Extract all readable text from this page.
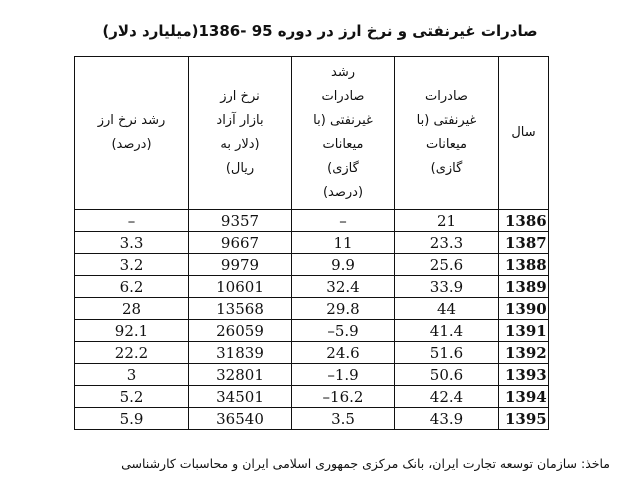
صادرات غیرنفتی و نرخ ارز در دوره 95 -1386(میلیارد دلار)
سال	صادرات غیرنفتی (با میعانات گازی)	رشد صادرات غیرنفتی (با میعانات گازی) (درصد)	نرخ ارز بازار آزاد (دلار به ریال)	رشد نرخ ارز (درصد)
1386	21	–	9357	–
1387	23.3	11	9667	3.3
1388	25.6	9.9	9979	3.2
1389	33.9	32.4	10601	6.2
1390	44	29.8	13568	28
1391	41.4	–5.9	26059	92.1
1392	51.6	24.6	31839	22.2
1393	50.6	–1.9	32801	3
1394	42.4	–16.2	34501	5.2
1395	43.9	3.5	36540	5.9
ماخذ: سازمان توسعه تجارت ایران، بانک مرکزی جمهوری اسلامی ایران و محاسبات کارشناسی
